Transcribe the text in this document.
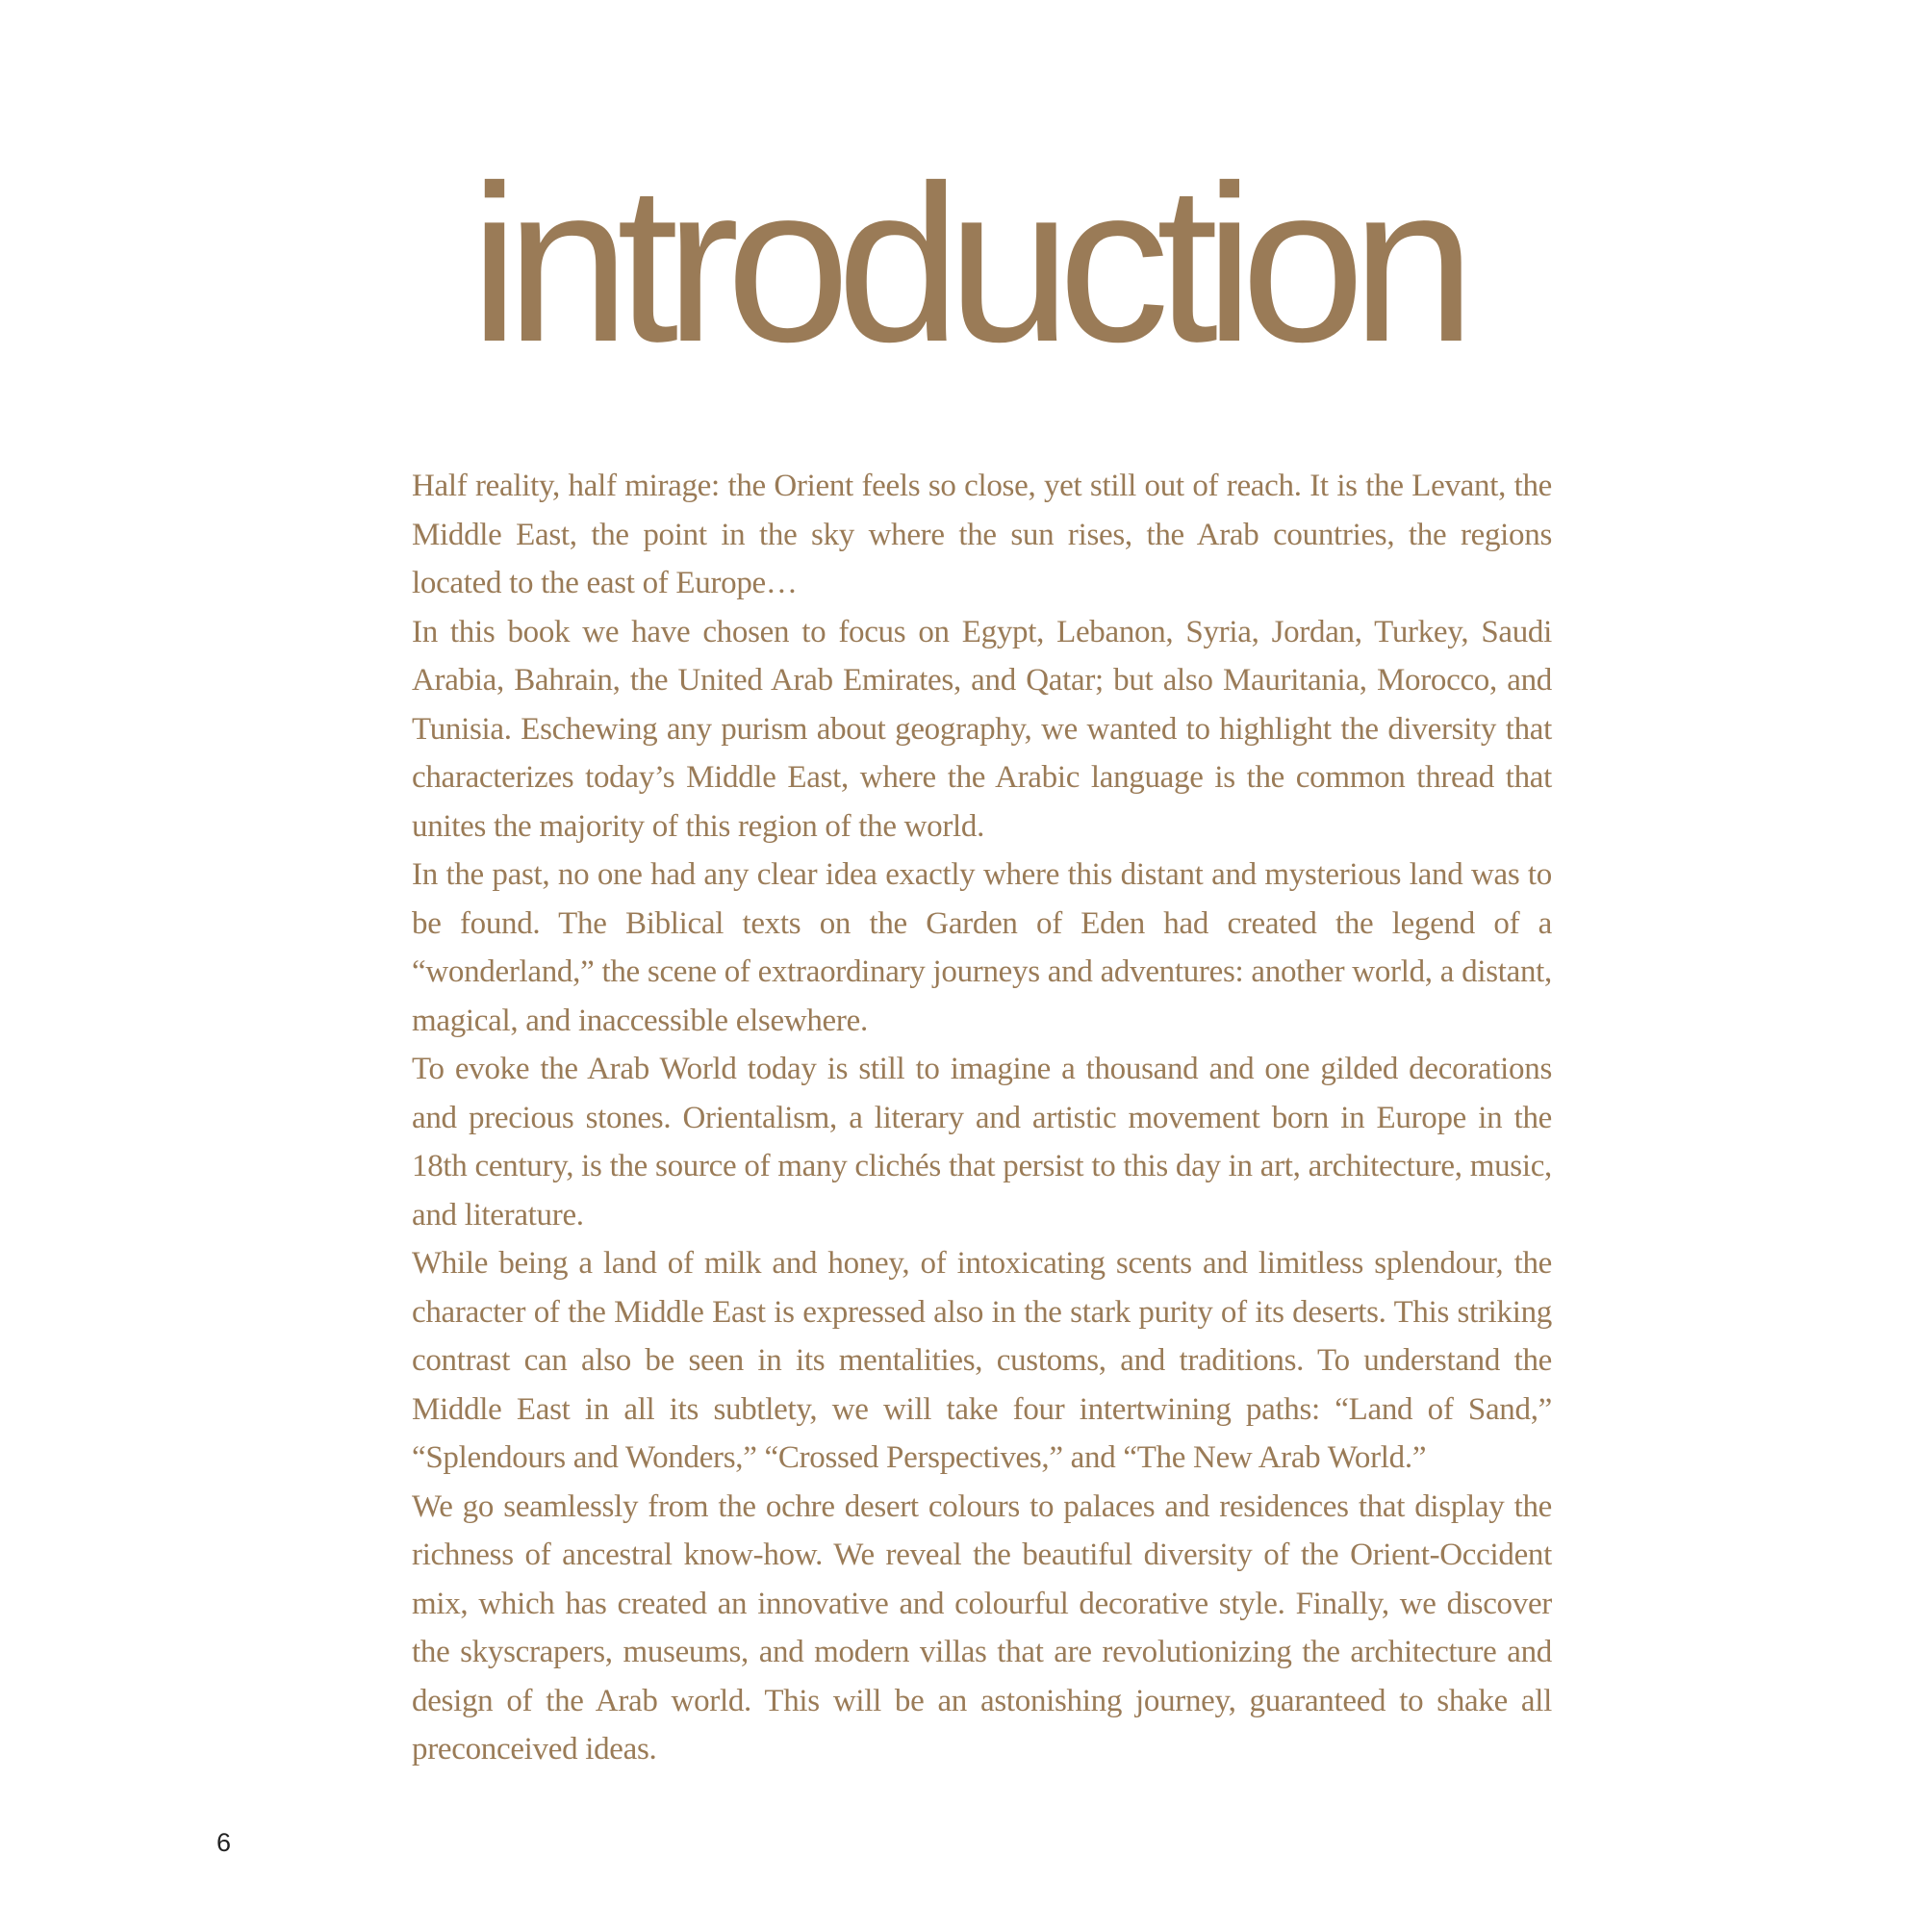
introduction

Half reality, half mirage: the Orient feels so close, yet still out of reach. It is the Levant, the Middle East, the point in the sky where the sun rises, the Arab countries, the regions located to the east of Europe…

In this book we have chosen to focus on Egypt, Lebanon, Syria, Jordan, Turkey, Saudi Arabia, Bahrain, the United Arab Emirates, and Qatar; but also Mauritania, Morocco, and Tunisia. Eschewing any purism about geography, we wanted to highlight the diversity that characterizes today’s Middle East, where the Arabic language is the common thread that unites the majority of this region of the world.

In the past, no one had any clear idea exactly where this distant and mysterious land was to be found. The Biblical texts on the Garden of Eden had created the legend of a “wonderland,” the scene of extraordinary journeys and adventures: another world, a distant, magical, and inaccessible elsewhere.

To evoke the Arab World today is still to imagine a thousand and one gilded decorations and precious stones. Orientalism, a literary and artistic movement born in Europe in the 18th century, is the source of many clichés that persist to this day in art, architecture, music, and literature.

While being a land of milk and honey, of intoxicating scents and limitless splendour, the character of the Middle East is expressed also in the stark purity of its deserts. This striking contrast can also be seen in its mentalities, customs, and traditions. To understand the Middle East in all its subtlety, we will take four intertwining paths: “Land of Sand,” “Splendours and Wonders,” “Crossed Perspectives,” and “The New Arab World.”

We go seamlessly from the ochre desert colours to palaces and residences that display the richness of ancestral know-how. We reveal the beautiful diversity of the Orient-Occident mix, which has created an innovative and colourful decorative style. Finally, we discover the skyscrapers, museums, and modern villas that are revolutionizing the architecture and design of the Arab world. This will be an astonishing journey, guaranteed to shake all preconceived ideas.

6
